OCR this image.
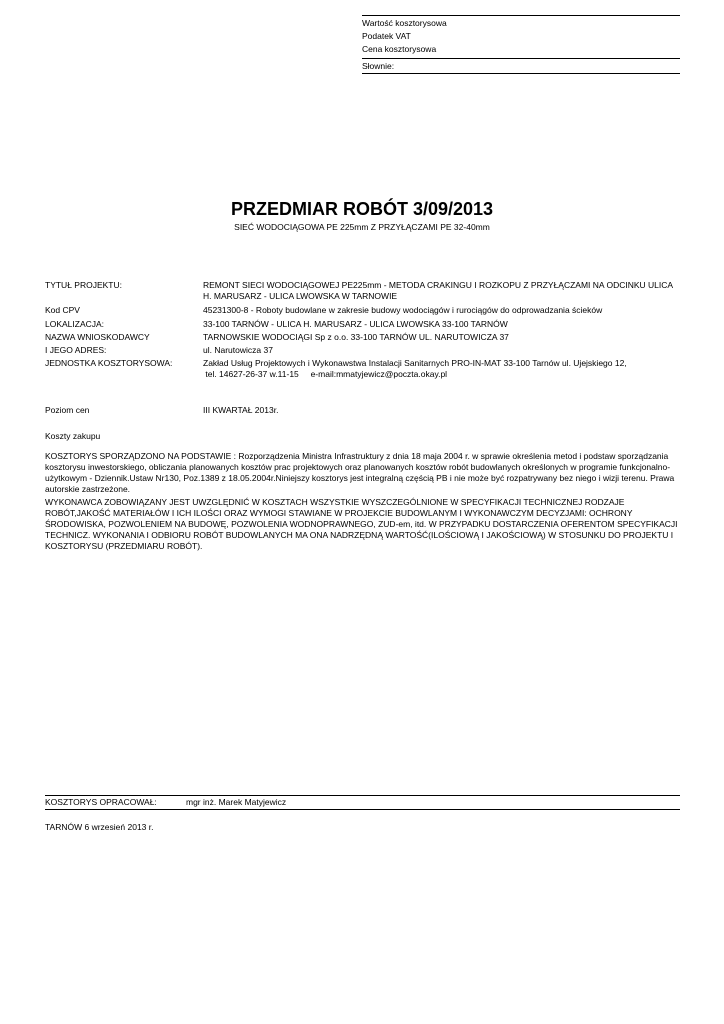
Wartość kosztorysowa
Podatek VAT
Cena kosztorysowa
Słownie:
PRZEDMIAR ROBÓT 3/09/2013
SIEĆ WODOCIĄGOWA PE 225mm Z PRZYŁĄCZAMI PE 32-40mm
TYTUŁ PROJEKTU:	REMONT SIECI WODOCIĄGOWEJ PE225mm - METODA CRAKINGU I ROZKOPU Z PRZYŁĄCZAMI NA ODCINKU ULICA H. MARUSARZ - ULICA LWOWSKA W TARNOWIE
Kod CPV	45231300-8 - Roboty budowlane w zakresie budowy wodociągów i rurociągów do odprowadzania ścieków
LOKALIZACJA:	33-100 TARNÓW - ULICA H. MARUSARZ - ULICA LWOWSKA 33-100 TARNÓW
NAZWA WNIOSKODAWCY	TARNOWSKIE WODOCIĄGI Sp z o.o. 33-100 TARNÓW UL. NARUTOWICZA 37
I JEGO ADRES:	ul. Narutowicza 37
JEDNOSTKA KOSZTORYSOWA:	Zakład Usług Projektowych i Wykonawstwa Instalacji Sanitarnych PRO-IN-MAT 33-100 Tarnów ul. Ujejskiego 12,
tel. 14627-26-37 w.11-15     e-mail:mmatyjewicz@poczta.okay.pl
Poziom cen	III KWARTAŁ 2013r.
Koszty zakupu
KOSZTORYS SPORZĄDZONO NA PODSTAWIE : Rozporządzenia Ministra Infrastruktury z dnia 18 maja 2004 r. w sprawie określenia metod i podstaw sporządzania kosztorysu inwestorskiego, obliczania planowanych kosztów prac projektowych oraz planowanych kosztów robót budowlanych określonych w programie funkcjonalno-użytkowym - Dziennik.Ustaw Nr130, Poz.1389 z 18.05.2004r.Niniejszy kosztorys jest integralną częścią PB i nie może być rozpatrywany bez niego i wizji terenu. Prawa autorskie zastrzeżone.
WYKONAWCA ZOBOWIĄZANY JEST UWZGLĘDNIĆ W KOSZTACH WSZYSTKIE WYSZCZEGÓLNIONE W SPECYFIKACJI TECHNICZNEJ RODZAJE ROBÓT,JAKOŚĆ MATERIAŁÓW I ICH ILOŚCI ORAZ WYMOGI STAWIANE W PROJEKCIE BUDOWLANYM I WYKONAWCZYM DECYZJAMI: OCHRONY ŚRODOWISKA, POZWOLENIEM NA BUDOWĘ, POZWOLENIA WODNOPRAWNEGO, ZUD-em, itd. W PRZYPADKU DOSTARCZENIA OFERENTOM SPECYFIKACJI TECHNICZ. WYKONANIA I ODBIORU ROBÓT BUDOWLANYCH MA ONA NADRZĘDNĄ WARTOŚĆ(ILOŚCIOWĄ I JAKOŚCIOWĄ) W STOSUNKU DO PROJEKTU I KOSZTORYSU (PRZEDMIARU ROBÓT).
KOSZTORYS OPRACOWAŁ:	mgr inż. Marek Matyjewicz
TARNÓW 6 wrzesień 2013 r.
